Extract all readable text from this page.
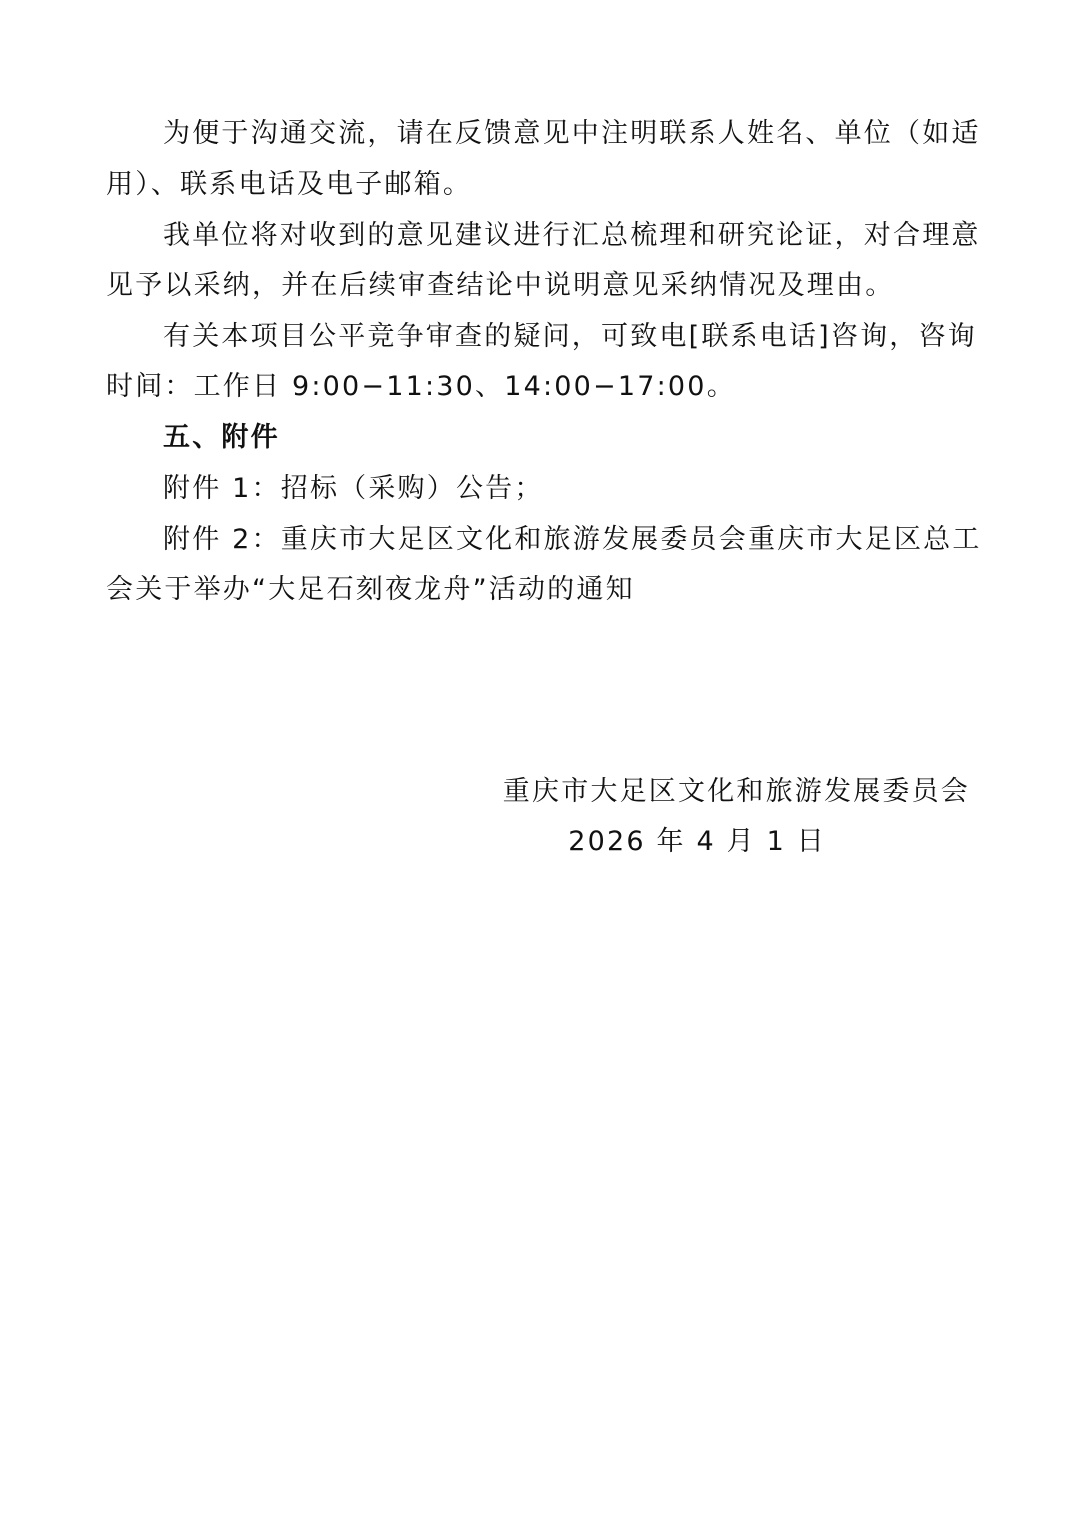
为便于沟通交流，请在反馈意见中注明联系人姓名、单位（如适
用）、联系电话及电子邮箱。
我单位将对收到的意见建议进行汇总梳理和研究论证，对合理意
见予以采纳，并在后续审查结论中说明意见采纳情况及理由。
有关本项目公平竞争审查的疑问，可致电[联系电话]咨询，咨询
时间：工作日 9:00−11:30、14:00−17:00。
五、附件
附件 1：招标（采购）公告；
附件 2：重庆市大足区文化和旅游发展委员会重庆市大足区总工
会关于举办“大足石刻夜龙舟”活动的通知
重庆市大足区文化和旅游发展委员会
2026 年 4 月 1 日
